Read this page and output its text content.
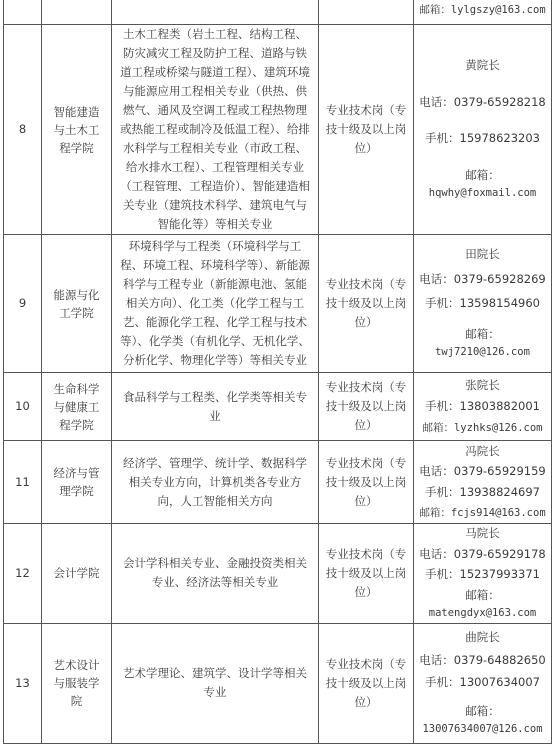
				邮箱：lylgszy@163.com

8	智能建造与土木工程学院	土木工程类（岩土工程、结构工程、防灾减灾工程及防护工程、道路与铁道工程或桥梁与隧道工程）、建筑环境与能源应用工程相关专业（供热、供燃气、通风及空调工程或工程热物理或热能工程或制冷及低温工程）、给排水科学与工程相关专业（市政工程、给水排水工程）、工程管理相关专业（工程管理、工程造价）、智能建造相关专业（建筑技术科学、建筑电气与智能化等）等相关专业	专业技术岗（专技十级及以上岗位）	黄院长
电话：0379-65928218
手机：15978623203
邮箱：
hqwhy@foxmail.com

9	能源与化工学院	环境科学与工程类（环境科学与工程、环境工程、环境科学等）、新能源科学与工程专业（新能源电池、氢能相关方向）、化工类（化学工程与工艺、能源化学工程、化学工程与技术等）、化学类（有机化学、无机化学、分析化学、物理化学等）等相关专业	专业技术岗（专技十级及以上岗位）	田院长
电话：0379-65928269
手机：13598154960
邮箱：
twj7210@126.com

10	生命科学与健康工程学院	食品科学与工程类、化学类等相关专业	专业技术岗（专技十级及以上岗位）	张院长
手机：13803882001
邮箱：lyzhks@126.com

11	经济与管理学院	经济学、管理学、统计学、数据科学相关专业方向，计算机类各专业方向，人工智能相关方向	专业技术岗（专技十级及以上岗位）	冯院长
电话：0379-65929159
手机：13938824697
邮箱：fcjs914@163.com

12	会计学院	会计学科相关专业、金融投资类相关专业、经济法等相关专业	专业技术岗（专技十级及以上岗位）	马院长
电话：0379-65929178
手机：15237993371
邮箱：
matengdyx@163.com

13	艺术设计与服装学院	艺术学理论、建筑学、设计学等相关专业	专业技术岗（专技十级及以上岗位）	曲院长
电话：0379-64882650
手机：13007634007
邮箱：
13007634007@126.com
